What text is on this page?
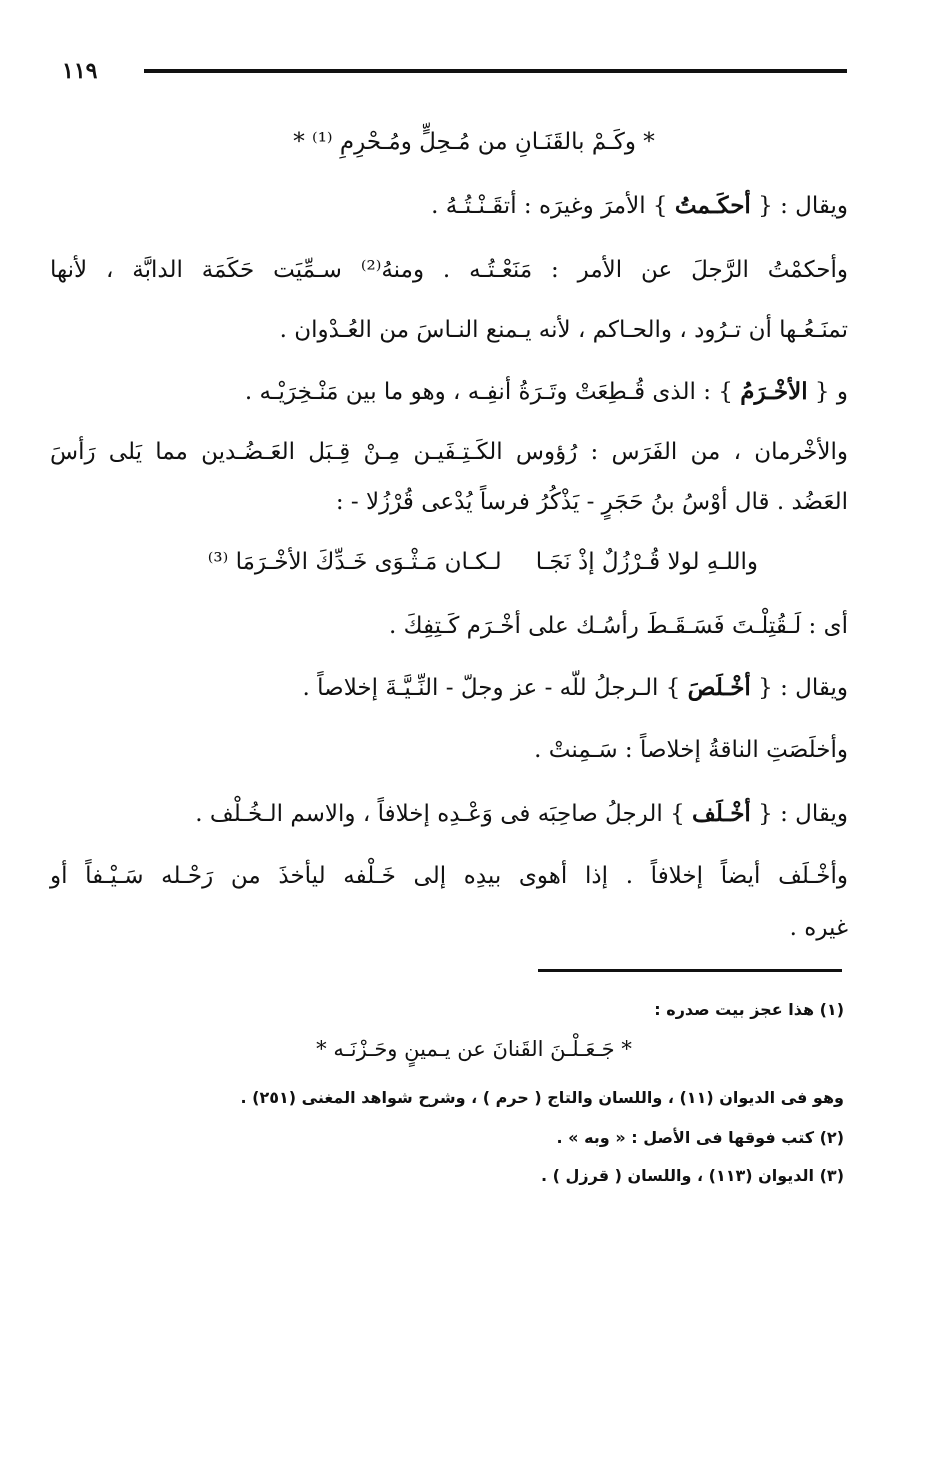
١١٩
* وكَـمْ بالقَنَـانِ من مُـحِلٍّ ومُـحْرِمِ ⁽¹⁾ *
ويقال : { أحكَـمتُ } الأمرَ وغيرَه : أتقَـنْـتُـهُ .
وأحكمْتُ الرَّجلَ عن الأمر : مَنَعْـتُـه . ومنهُ⁽²⁾ سـمِّيَت حَكَمَة الدابَّة ، لأنها
تمنَـعُـها أن تـرُود ، والحـاكم ، لأنه يـمنع النـاسَ من العُـدْوان .
و { الأخْـرَمُ } : الذى قُـطِعَتْ وتَـرَةُ أنفِـه ، وهو ما بين مَنْـخِرَيْـه .
والأخْرمان ، من الفَرَس : رُؤوس الكَـتِـفَيـن مِـنْ قِـبَل العَـضُـدين مما يَلى رَأسَ
العَضُد . قال أوْسُ بنُ حَجَرٍ - يَذْكُرُ فرساً يُدْعى قُرْزُلا - :
واللـهِ لولا قُـرْزُلٌ إذْ نَجَـالـكـان مَـثْـوَى خَـدِّكَ الأخْـرَمَا ⁽³⁾
أى : لَـقُتِلْـتَ فَسَـقَـطَ رأسُـك على أخْـرَم كَـتِفِكَ .
ويقال : { أخْـلَصَ } الـرجلُ للّه - عز وجلّ - النِّـيَّـةَ إخلاصاً .
وأخلَصَتِ الناقةُ إخلاصاً : سَـمِنتْ .
ويقال : { أخْـلَف } الرجلُ صاحِبَه فى وَعْـدِه إخلافاً ، والاسم الـخُـلْف .
وأخْـلَف أيضاً إخلافاً . إذا أهوى بيدِه إلى خَـلْفه ليأخذَ من رَحْـله سَـيْـفاً أو
غيره .
(١) هذا عجز بيت صدره :
* جَـعَـلْـنَ القَنانَ عن يـمينٍ وحَـزْنَـه *
وهو فى الديوان (١١) ، واللسان والتاج ( حرم ) ، وشرح شواهد المغنى (٢٥١) .
(٢) كتب فوقها فى الأصل : « وبه » .
(٣) الديوان (١١٣) ، واللسان ( قرزل ) .
